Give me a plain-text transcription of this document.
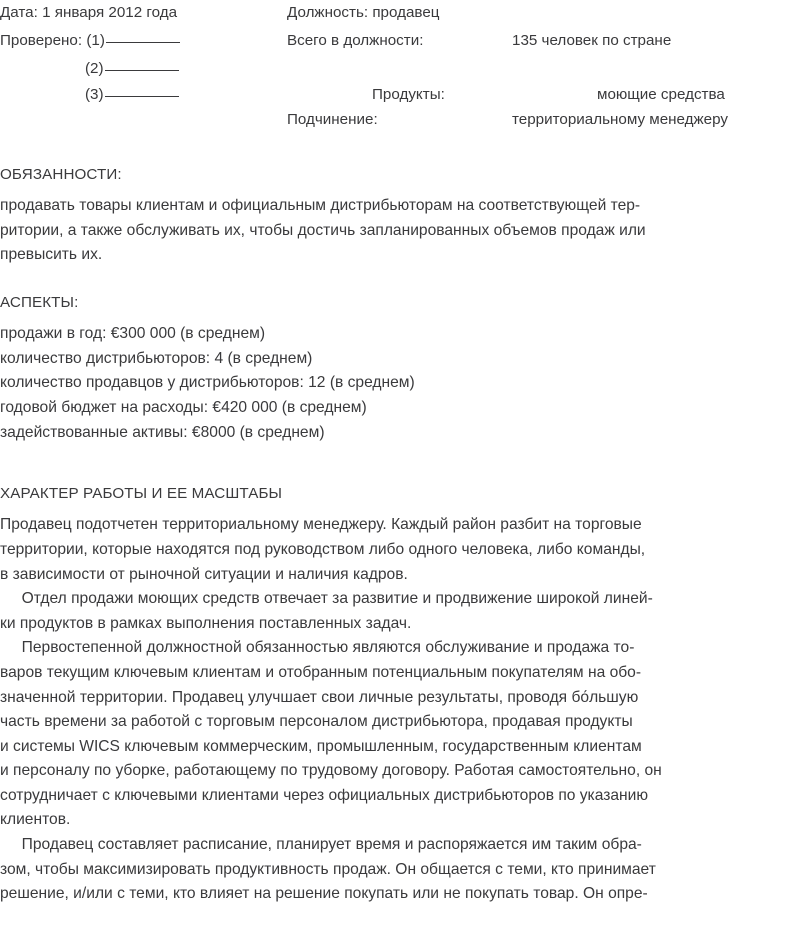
Дата: 1 января 2012 года	Должность: продавец
Проверено: (1)	Всего в должности:	135 человек по стране
(2)
(3)	Продукты:	моющие средства
Подчинение:	территориальному менеджеру
ОБЯЗАННОСТИ:

продавать товары клиентам и официальным дистрибьюторам на соответствующей тер-

ритории, а также обслуживать их, чтобы достичь запланированных объемов продаж или

превысить их.

АСПЕКТЫ:

продажи в год: €300 000 (в среднем)

количество дистрибьюторов: 4 (в среднем)

количество продавцов у дистрибьюторов: 12 (в среднем)

годовой бюджет на расходы: €420 000 (в среднем)

задействованные активы: €8000 (в среднем)

ХАРАКТЕР РАБОТЫ И ЕЕ МАСШТАБЫ

Продавец подотчетен территориальному менеджеру. Каждый район разбит на торговые

территории, которые находятся под руководством либо одного человека, либо команды,

в зависимости от рыночной ситуации и наличия кадров.

Отдел продажи моющих средств отвечает за развитие и продвижение широкой линей-

ки продуктов в рамках выполнения поставленных задач.

Первостепенной должностной обязанностью являются обслуживание и продажа то-

варов текущим ключевым клиентам и отобранным потенциальным покупателям на обо-

значенной территории. Продавец улучшает свои личные результаты, проводя бо́льшую

часть времени за работой с торговым персоналом дистрибьютора, продавая продукты

и системы WICS ключевым коммерческим, промышленным, государственным клиентам

и персоналу по уборке, работающему по трудовому договору. Работая самостоятельно, он

сотрудничает с ключевыми клиентами через официальных дистрибьюторов по указанию

клиентов.

Продавец составляет расписание, планирует время и распоряжается им таким обра-

зом, чтобы максимизировать продуктивность продаж. Он общается с теми, кто принимает

решение, и/или с теми, кто влияет на решение покупать или не покупать товар. Он опре-
